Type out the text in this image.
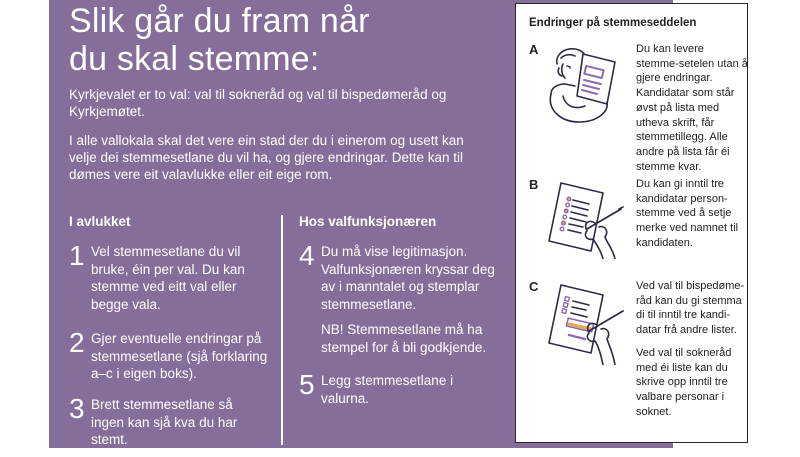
Slik går du fram når
du skal stemme:

Kyrkjevalet er to val: val til sokneråd og val til bispedømeråd og Kyrkjemøtet.

I alle vallokala skal det vere ein stad der du i einerom og usett kan velje dei stemmesetlane du vil ha, og gjere endringar. Dette kan til dømes vere eit valavlukke eller eit eige rom.

I avlukket
1 Vel stemmesetlane du vil bruke, éin per val. Du kan stemme ved eitt val eller begge vala.

2 Gjer eventuelle endringar på stemmesetlane (sjå forklaring a–c i eigen boks).

3 Brett stemmesetlane så ingen kan sjå kva du har stemt.

Hos valfunksjonæren
4 Du må vise legitimasjon. Valfunksjonæren kryssar deg av i manntalet og stemplar stemmesetlane.

NB! Stemmesetlane må ha stempel for å bli godkjende.

5 Legg stemmesetlane i valurna.

Endringer på stemmeseddelen
A	Du kan levere stemme-setelen utan å gjere endringar. Kandidatar som står øvst på lista med utheva skrift, får stemmetillegg. Alle andre på lista får éi stemme kvar.

B	Du kan gi inntil tre kandidatar person-stemme ved å setje merke ved namnet til kandidaten.

C	Ved val til bispedøme-råd kan du gi stemma di til inntil tre kandi-datar frå andre lister.

Ved val til sokneråd med éi liste kan du skrive opp inntil tre valbare personar i soknet.
